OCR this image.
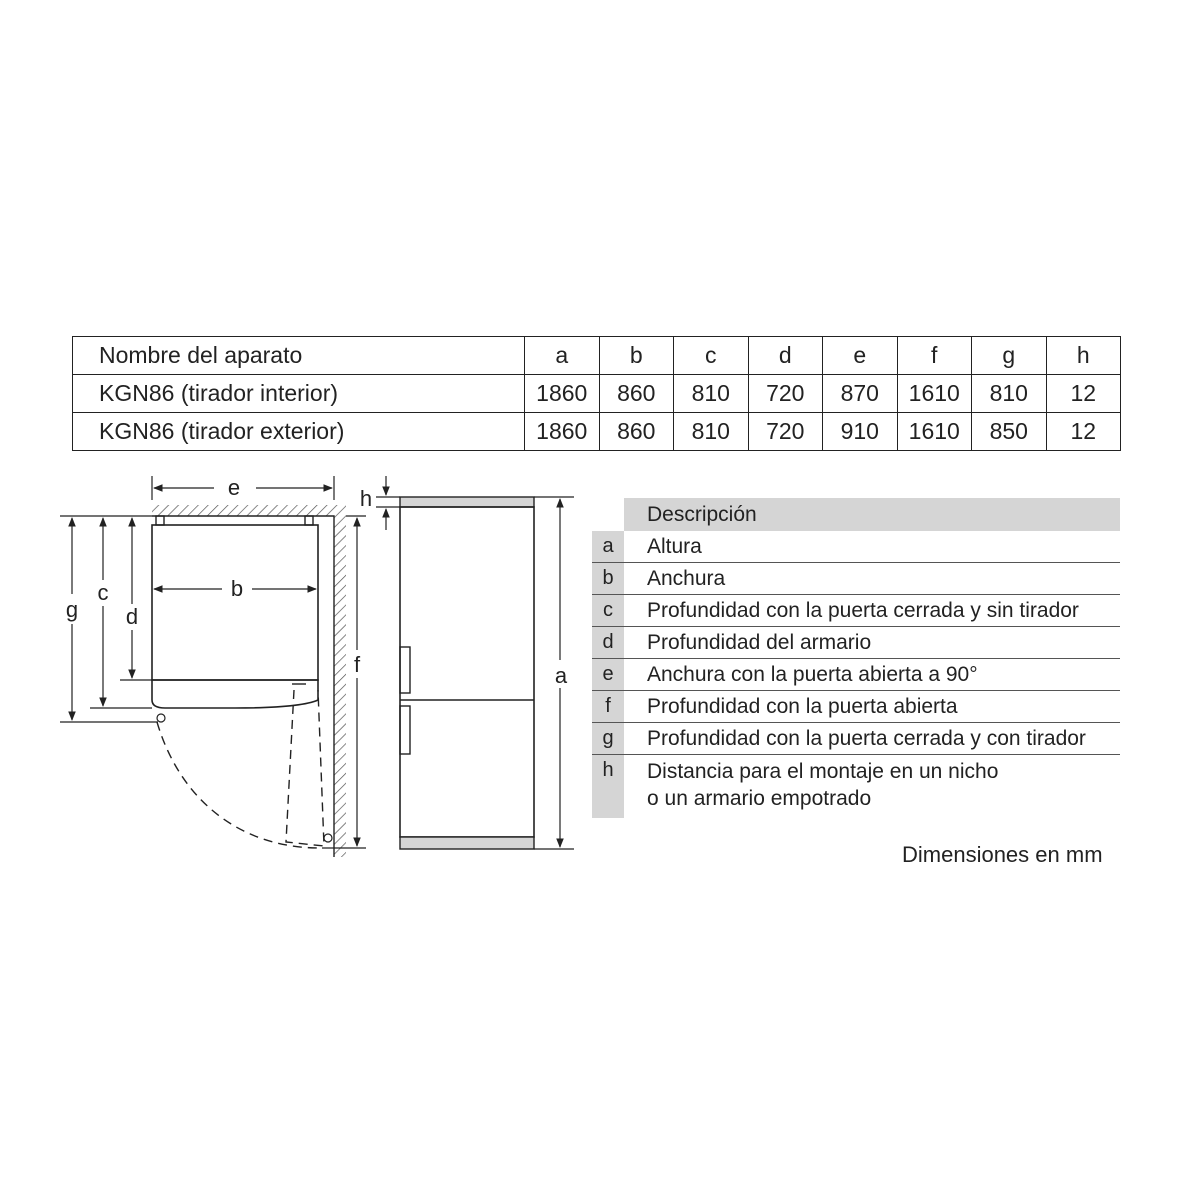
Nombre del aparato	a	b	c	d	e	f	g	h
KGN86 (tirador interior)	1860	860	810	720	870	1610	810	12
KGN86 (tirador exterior)	1860	860	810	720	910	1610	850	12
e
b
g
c
d
f
h
a
Descripción
a	Altura
b	Anchura
c	Profundidad con la puerta cerrada y sin tirador
d	Profundidad del armario
e	Anchura con la puerta abierta a 90°
f	Profundidad con la puerta abierta
g	Profundidad con la puerta cerrada y con tirador
h	Distancia para el montaje en un nicho
o un armario empotrado
Dimensiones en mm
